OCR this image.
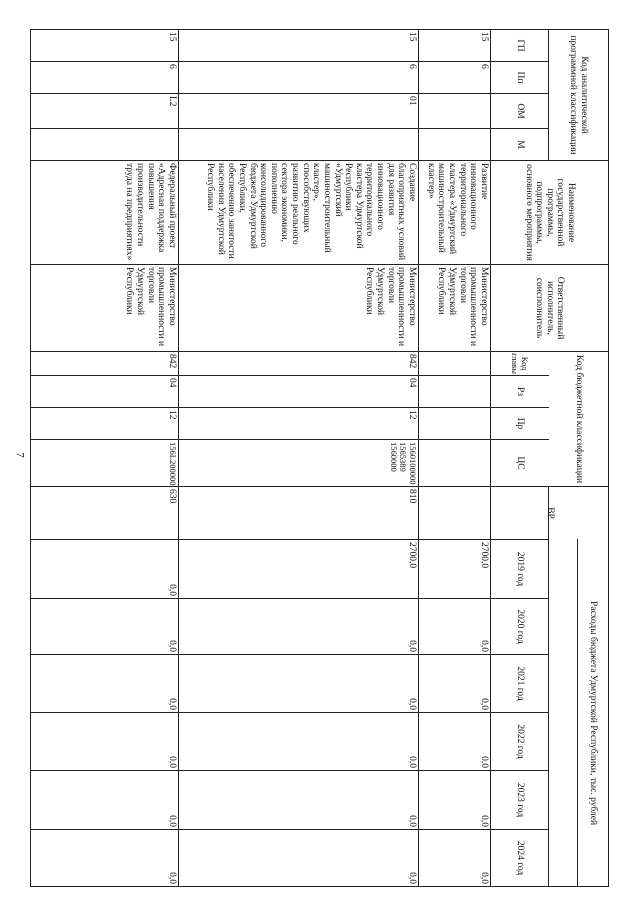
7
Код аналитической программной классификации
ГП
Пп
ОМ
М
Наименование государственной программы, подпрограммы, основного мероприятия
Ответственный исполнитель, соисполнитель
Код бюджетной классификации
Код главы
Рз
Пр
ЦС
ВР
Расходы бюджета Удмуртской Республики, тыс. рублей
2019 год
2020 год
2021 год
2022 год
2023 год
2024 год
15
6
Развитие инновационного территориального кластера «Удмуртский машиностроительный кластер»
Министерство промышленности и торговли Удмуртской Республики
2700,0
0,0
0,0
0,0
0,0
0,0
15
6
01
Создание благоприятных условий для развития инновационного территориального кластера Удмуртской Республики «Удмуртский машиностроительный кластер», способствующих развитию реального сектора экономики, пополнению консолидированного бюджета Удмуртской Республики, обеспечению занятости населения Удмуртской Республики
Министерство промышленности и торговли Удмуртской Республики
842
04
12
1560100000 1565389 1560000
810
2700,0
0,0
0,0
0,0
0,0
0,0
15
6
L2
Федеральный проект «Адресная поддержка повышения производительности труда на предприятиях»
Министерство промышленности и торговли Удмуртской Республики
842
04
12
156L200000
630
0,0
0,0
0,0
0,0
0,0
0,0
